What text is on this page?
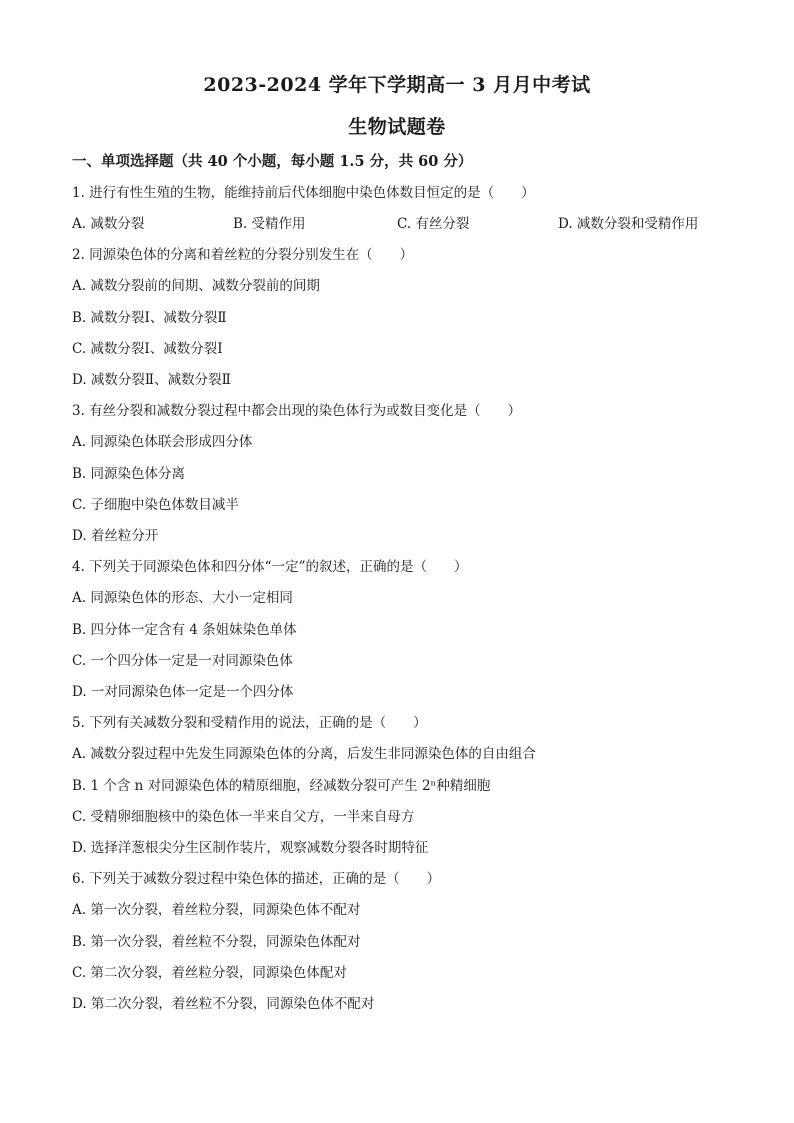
2023-2024 学年下学期高一 3 月月中考试
生物试题卷
一、单项选择题（共 40 个小题，每小题 1.5 分，共 60 分）
1. 进行有性生殖的生物，能维持前后代体细胞中染色体数目恒定的是（　　）
A. 减数分裂	B. 受精作用	C. 有丝分裂	D. 减数分裂和受精作用
2. 同源染色体的分离和着丝粒的分裂分别发生在（　　）
A. 减数分裂前的间期、减数分裂前的间期
B. 减数分裂Ⅰ、减数分裂Ⅱ
C. 减数分裂Ⅰ、减数分裂Ⅰ
D. 减数分裂Ⅱ、减数分裂Ⅱ
3. 有丝分裂和减数分裂过程中都会出现的染色体行为或数目变化是（　　）
A. 同源染色体联会形成四分体
B. 同源染色体分离
C. 子细胞中染色体数目减半
D. 着丝粒分开
4. 下列关于同源染色体和四分体“一定”的叙述，正确的是（　　）
A. 同源染色体的形态、大小一定相同
B. 四分体一定含有 4 条姐妹染色单体
C. 一个四分体一定是一对同源染色体
D. 一对同源染色体一定是一个四分体
5. 下列有关减数分裂和受精作用的说法，正确的是（　　）
A. 减数分裂过程中先发生同源染色体的分离，后发生非同源染色体的自由组合
B. 1 个含 n 对同源染色体的精原细胞，经减数分裂可产生 2ⁿ种精细胞
C. 受精卵细胞核中的染色体一半来自父方，一半来自母方
D. 选择洋葱根尖分生区制作装片，观察减数分裂各时期特征
6. 下列关于减数分裂过程中染色体的描述，正确的是（　　）
A. 第一次分裂，着丝粒分裂，同源染色体不配对
B. 第一次分裂，着丝粒不分裂，同源染色体配对
C. 第二次分裂，着丝粒分裂，同源染色体配对
D. 第二次分裂，着丝粒不分裂，同源染色体不配对
